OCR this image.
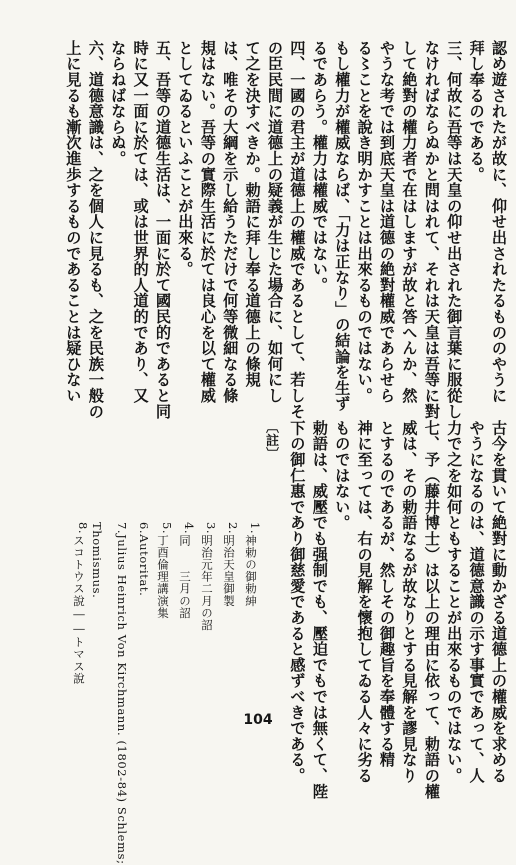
認め遊されたが故に、仰せ出されたるもののやうに
拜し奉るのである。
三、何故に吾等は天皇の仰せ出された御言葉に服從し
なければならぬかと問はれて、それは天皇は吾等に對
して絶對の權力者で在はしますが故と答へんか、然
やうな考では到底天皇は道德の絶對權威であらせら
る〻ことを說き明かすことは出來るものではない。
もし權力が權威ならば、「力は正なり」の結論を生ず
るであらう。權力は權威ではない。
四、一國の君主が道德上の權威であるとして、若しそ
の臣民間に道德上の疑義が生じた場合に、如何にし
て之を決すべきか。勅語に拜し奉る道德上の條規
は、唯その大綱を示し給うただけで何等微細なる條
規はない。吾等の實際生活に於ては良心を以て權威
としてゐるといふことが出來る。
五、吾等の道德生活は、一面に於て國民的であると同
時に又一面に於ては、或は世界的人道的であり、又
ならねばならぬ。
六、道德意識は、之を個人に見るも、之を民族一般の
上に見るも漸次進歩するものであることは疑ひない
古今を貫いて絶對に動かざる道德上の權威を求める
やうになるのは、道德意識の示す事實であって、人
力で之を如何ともすることが出來るものではない。
七、予（藤井博士）は以上の理由に依って、勅語の權
威は、その勅語なるが故なりとする見解を謬見なり
とするのであるが、然しその御趣旨を奉體する精
神に至っては、右の見解を懷抱してゐる人々に劣る
ものではない。
勅語は、威壓でも强制でも、壓迫でもでは無くて、陛
下の御仁惠であり御慈愛であると感ずべきである。
〔註〕
1.神勅の御勅紳
2.明治天皇御製
3.明治元年二月の詔
4.同　　三月の詔
5.丁酉倫理講演集
6.Autoritat.
7.Julius Heinrich Von Kirchmann. (1802-84) Schlems;
Thomismus.
8.スコトウス說――トマス說
104
